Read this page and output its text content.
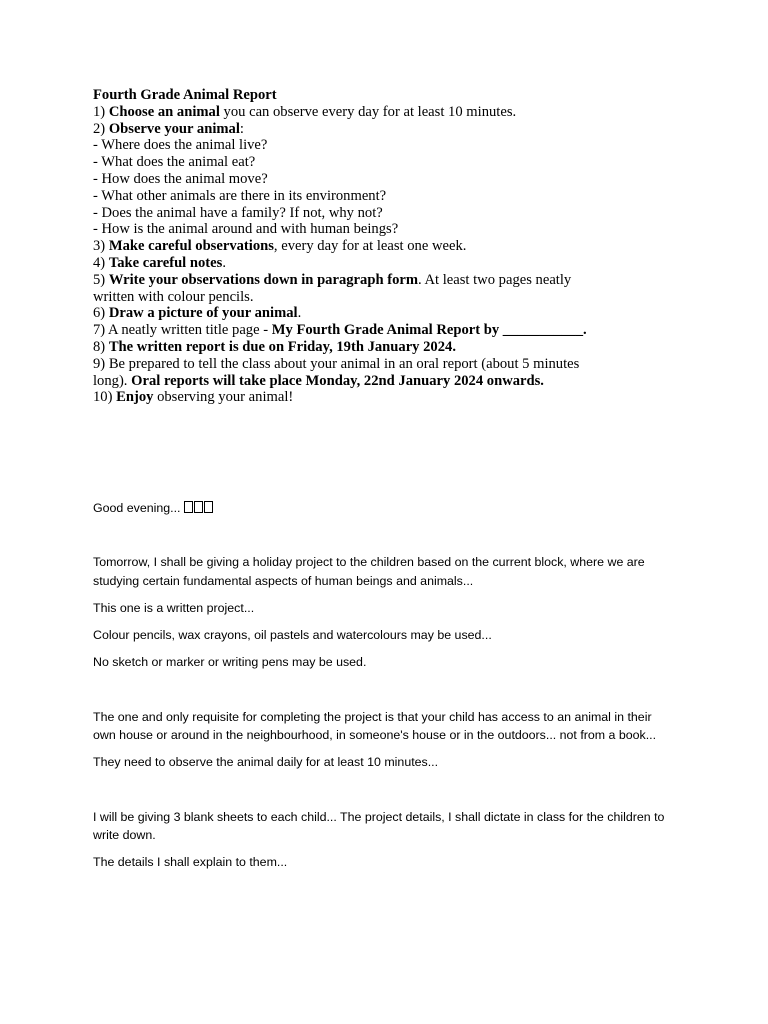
Fourth Grade Animal Report
1) Choose an animal you can observe every day for at least 10 minutes.
2) Observe your animal:
- Where does the animal live?
- What does the animal eat?
- How does the animal move?
- What other animals are there in its environment?
- Does the animal have a family? If not, why not?
- How is the animal around and with human beings?
3) Make careful observations, every day for at least one week.
4) Take careful notes.
5) Write your observations down in paragraph form. At least two pages neatly written with colour pencils.
6) Draw a picture of your animal.
7) A neatly written title page - My Fourth Grade Animal Report by ___________.
8) The written report is due on Friday, 19th January 2024.
9) Be prepared to tell the class about your animal in an oral report (about 5 minutes long). Oral reports will take place Monday, 22nd January 2024 onwards.
10) Enjoy observing your animal!

Good evening...

Tomorrow, I shall be giving a holiday project to the children based on the current block, where we are studying certain fundamental aspects of human beings and animals...

This one is a written project...

Colour pencils, wax crayons, oil pastels and watercolours may be used...

No sketch or marker or writing pens may be used.

The one and only requisite for completing the project is that your child has access to an animal in their own house or around in the neighbourhood, in someone's house or in the outdoors... not from a book...

They need to observe the animal daily for at least 10 minutes...

I will be giving 3 blank sheets to each child... The project details, I shall dictate in class for the children to write down.

The details I shall explain to them...
